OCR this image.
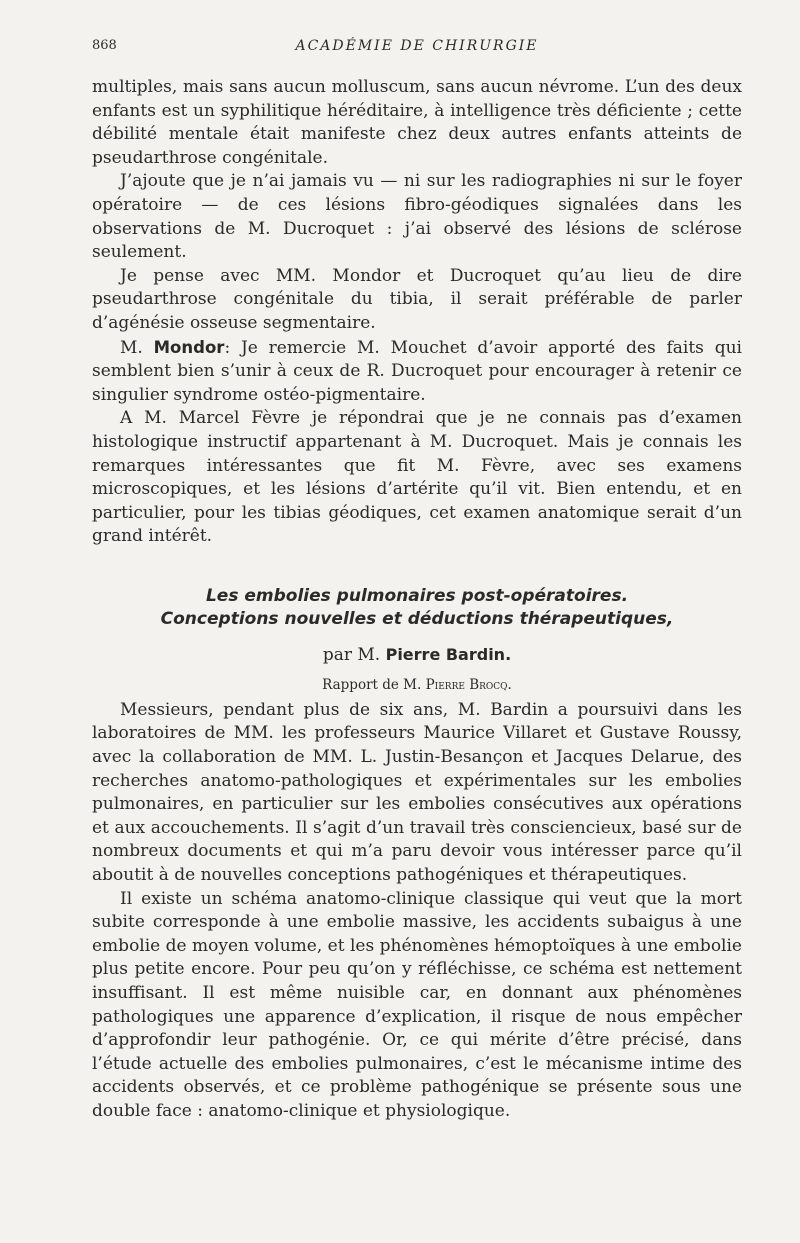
868	ACADÉMIE DE CHIRURGIE

multiples, mais sans aucun molluscum, sans aucun névrome. L’un des deux enfants est un syphilitique héréditaire, à intelligence très déficiente ; cette débilité mentale était manifeste chez deux autres enfants atteints de pseudarthrose congénitale.

J’ajoute que je n’ai jamais vu — ni sur les radiographies ni sur le foyer opératoire — de ces lésions fibro-géodiques signalées dans les observations de M. Ducroquet : j’ai observé des lésions de sclérose seulement.

Je pense avec MM. Mondor et Ducroquet qu’au lieu de dire pseudarthrose congénitale du tibia, il serait préférable de parler d’agénésie osseuse segmentaire.

M. Mondor: Je remercie M. Mouchet d’avoir apporté des faits qui semblent bien s’unir à ceux de R. Ducroquet pour encourager à retenir ce singulier syndrome ostéo-pigmentaire.

A M. Marcel Fèvre je répondrai que je ne connais pas d’examen histologique instructif appartenant à M. Ducroquet. Mais je connais les remarques intéressantes que fit M. Fèvre, avec ses examens microscopiques, et les lésions d’artérite qu’il vit. Bien entendu, et en particulier, pour les tibias géodiques, cet examen anatomique serait d’un grand intérêt.

Les embolies pulmonaires post-opératoires.
Conceptions nouvelles et déductions thérapeutiques,
par M. Pierre Bardin.
Rapport de M. Pierre Brocq.

Messieurs, pendant plus de six ans, M. Bardin a poursuivi dans les laboratoires de MM. les professeurs Maurice Villaret et Gustave Roussy, avec la collaboration de MM. L. Justin-Besançon et Jacques Delarue, des recherches anatomo-pathologiques et expérimentales sur les embolies pulmonaires, en particulier sur les embolies consécutives aux opérations et aux accouchements. Il s’agit d’un travail très consciencieux, basé sur de nombreux documents et qui m’a paru devoir vous intéresser parce qu’il aboutit à de nouvelles conceptions pathogéniques et thérapeutiques.

Il existe un schéma anatomo-clinique classique qui veut que la mort subite corresponde à une embolie massive, les accidents subaigus à une embolie de moyen volume, et les phénomènes hémoptoïques à une embolie plus petite encore. Pour peu qu’on y réfléchisse, ce schéma est nettement insuffisant. Il est même nuisible car, en donnant aux phénomènes pathologiques une apparence d’explication, il risque de nous empêcher d’approfondir leur pathogénie. Or, ce qui mérite d’être précisé, dans l’étude actuelle des embolies pulmonaires, c’est le mécanisme intime des accidents observés, et ce problème pathogénique se présente sous une double face : anatomo-clinique et physiologique.
